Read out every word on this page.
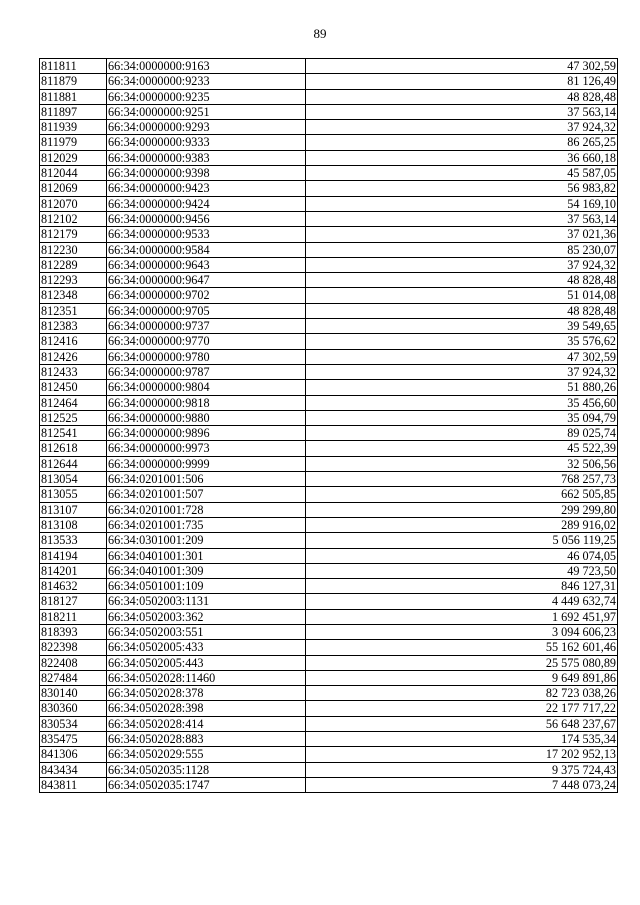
89
811811	66:34:0000000:9163	47 302,59
811879	66:34:0000000:9233	81 126,49
811881	66:34:0000000:9235	48 828,48
811897	66:34:0000000:9251	37 563,14
811939	66:34:0000000:9293	37 924,32
811979	66:34:0000000:9333	86 265,25
812029	66:34:0000000:9383	36 660,18
812044	66:34:0000000:9398	45 587,05
812069	66:34:0000000:9423	56 983,82
812070	66:34:0000000:9424	54 169,10
812102	66:34:0000000:9456	37 563,14
812179	66:34:0000000:9533	37 021,36
812230	66:34:0000000:9584	85 230,07
812289	66:34:0000000:9643	37 924,32
812293	66:34:0000000:9647	48 828,48
812348	66:34:0000000:9702	51 014,08
812351	66:34:0000000:9705	48 828,48
812383	66:34:0000000:9737	39 549,65
812416	66:34:0000000:9770	35 576,62
812426	66:34:0000000:9780	47 302,59
812433	66:34:0000000:9787	37 924,32
812450	66:34:0000000:9804	51 880,26
812464	66:34:0000000:9818	35 456,60
812525	66:34:0000000:9880	35 094,79
812541	66:34:0000000:9896	89 025,74
812618	66:34:0000000:9973	45 522,39
812644	66:34:0000000:9999	32 506,56
813054	66:34:0201001:506	768 257,73
813055	66:34:0201001:507	662 505,85
813107	66:34:0201001:728	299 299,80
813108	66:34:0201001:735	289 916,02
813533	66:34:0301001:209	5 056 119,25
814194	66:34:0401001:301	46 074,05
814201	66:34:0401001:309	49 723,50
814632	66:34:0501001:109	846 127,31
818127	66:34:0502003:1131	4 449 632,74
818211	66:34:0502003:362	1 692 451,97
818393	66:34:0502003:551	3 094 606,23
822398	66:34:0502005:433	55 162 601,46
822408	66:34:0502005:443	25 575 080,89
827484	66:34:0502028:11460	9 649 891,86
830140	66:34:0502028:378	82 723 038,26
830360	66:34:0502028:398	22 177 717,22
830534	66:34:0502028:414	56 648 237,67
835475	66:34:0502028:883	174 535,34
841306	66:34:0502029:555	17 202 952,13
843434	66:34:0502035:1128	9 375 724,43
843811	66:34:0502035:1747	7 448 073,24
